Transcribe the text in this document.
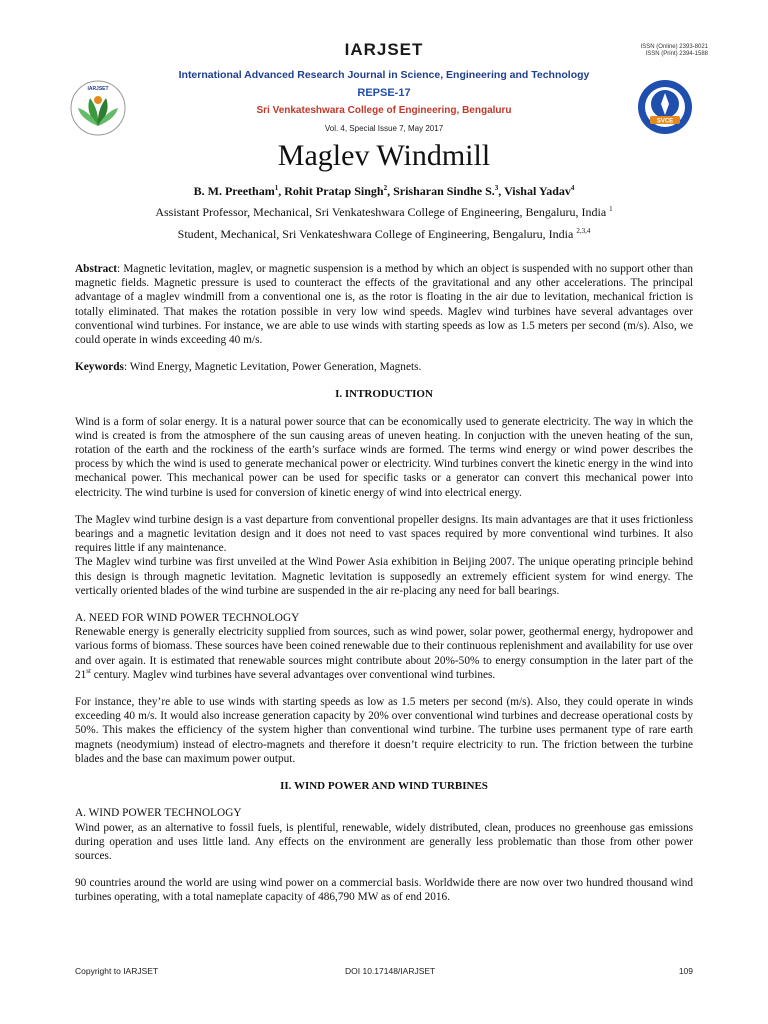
IARJSET	ISSN (Online) 2393-8021
ISSN (Print) 2394-1588
International Advanced Research Journal in Science, Engineering and Technology
REPSE-17
Sri Venkateshwara College of Engineering, Bengaluru
Vol. 4, Special Issue 7, May 2017
IARJSET
SVCE
Maglev Windmill
B. M. Preetham$^1$, Rohit Pratap Singh$^2$, Srisharan Sindhe S.$^3$, Vishal Yadav$^4$
Assistant Professor, Mechanical, Sri Venkateshwara College of Engineering, Bengaluru, India $^1$
Student, Mechanical, Sri Venkateshwara College of Engineering, Bengaluru, India $^{2,3,4}$

Abstract: Magnetic levitation, maglev, or magnetic suspension is a method by which an object is suspended with no support other than magnetic fields. Magnetic pressure is used to counteract the effects of the gravitational and any other accelerations. The principal advantage of a maglev windmill from a conventional one is, as the rotor is floating in the air due to levitation, mechanical friction is totally eliminated. That makes the rotation possible in very low wind speeds. Maglev wind turbines have several advantages over conventional wind turbines. For instance, we are able to use winds with starting speeds as low as 1.5 meters per second (m/s). Also, we could operate in winds exceeding 40 m/s.

Keywords: Wind Energy, Magnetic Levitation, Power Generation, Magnets.

I. INTRODUCTION

Wind is a form of solar energy. It is a natural power source that can be economically used to generate electricity. The way in which the wind is created is from the atmosphere of the sun causing areas of uneven heating. In conjuction with the uneven heating of the sun, rotation of the earth and the rockiness of the earth’s surface winds are formed. The terms wind energy or wind power describes the process by which the wind is used to generate mechanical power or electricity. Wind turbines convert the kinetic energy in the wind into mechanical power. This mechanical power can be used for specific tasks or a generator can convert this mechanical power into electricity. The wind turbine is used for conversion of kinetic energy of wind into electrical energy.

The Maglev wind turbine design is a vast departure from conventional propeller designs. Its main advantages are that it uses frictionless bearings and a magnetic levitation design and it does not need to vast spaces required by more conventional wind turbines. It also requires little if any maintenance.

The Maglev wind turbine was first unveiled at the Wind Power Asia exhibition in Beijing 2007. The unique operating principle behind this design is through magnetic levitation. Magnetic levitation is supposedly an extremely efficient system for wind energy. The vertically oriented blades of the wind turbine are suspended in the air re-placing any need for ball bearings.

A. NEED FOR WIND POWER TECHNOLOGY

Renewable energy is generally electricity supplied from sources, such as wind power, solar power, geothermal energy, hydropower and various forms of biomass. These sources have been coined renewable due to their continuous replenishment and availability for use over and over again. It is estimated that renewable sources might contribute about 20%-50% to energy consumption in the later part of the 21st century. Maglev wind turbines have several advantages over conventional wind turbines.

For instance, they’re able to use winds with starting speeds as low as 1.5 meters per second (m/s). Also, they could operate in winds exceeding 40 m/s. It would also increase generation capacity by 20% over conventional wind turbines and decrease operational costs by 50%. This makes the efficiency of the system higher than conventional wind turbine. The turbine uses permanent type of rare earth magnets (neodymium) instead of electro-magnets and therefore it doesn’t require electricity to run. The friction between the turbine blades and the base can maximum power output.

II. WIND POWER AND WIND TURBINES

A. WIND POWER TECHNOLOGY

Wind power, as an alternative to fossil fuels, is plentiful, renewable, widely distributed, clean, produces no greenhouse gas emissions during operation and uses little land. Any effects on the environment are generally less problematic than those from other power sources.

90 countries around the world are using wind power on a commercial basis. Worldwide there are now over two hundred thousand wind turbines operating, with a total nameplate capacity of 486,790 MW as of end 2016.

Copyright to IARJSET	DOI 10.17148/IARJSET	109
